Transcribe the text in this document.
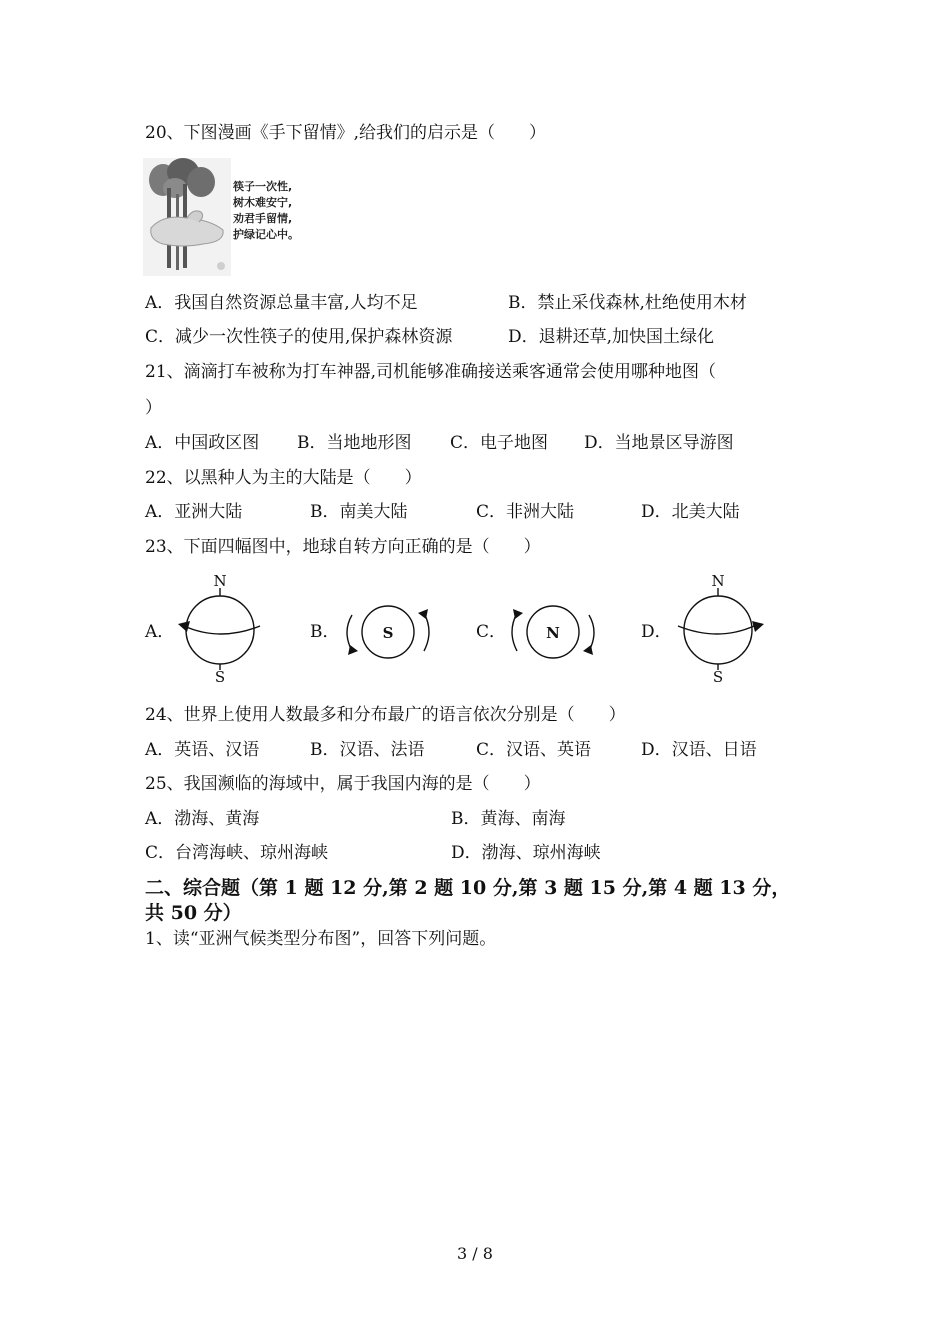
20、下图漫画《手下留情》,给我们的启示是（　　）
筷子一次性,
树木难安宁,
劝君手留情,
护绿记心中。
A．我国自然资源总量丰富,人均不足	B．禁止采伐森林,杜绝使用木材
C．减少一次性筷子的使用,保护森林资源	D．退耕还草,加快国土绿化
21、滴滴打车被称为打车神器,司机能够准确接送乘客通常会使用哪种地图（
）
A．中国政区图 B．当地地形图 C．电子地图 D．当地景区导游图
22、以黑种人为主的大陆是（　　）
A．亚洲大陆	B．南美大陆	C．非洲大陆	D．北美大陆
23、下面四幅图中，地球自转方向正确的是（　　）
A．
N
S
B．	S	C．	N	D．
N
S
24、世界上使用人数最多和分布最广的语言依次分别是（　　）
A．英语、汉语	B．汉语、法语	C．汉语、英语	D．汉语、日语
25、我国濒临的海域中，属于我国内海的是（　　）
A．渤海、黄海	B．黄海、南海
C．台湾海峡、琼州海峡	D．渤海、琼州海峡
二、综合题（第 1 题 12 分,第 2 题 10 分,第 3 题 15 分,第 4 题 13 分，
共 50 分）
1、读“亚洲气候类型分布图”，回答下列问题。
3 / 8
